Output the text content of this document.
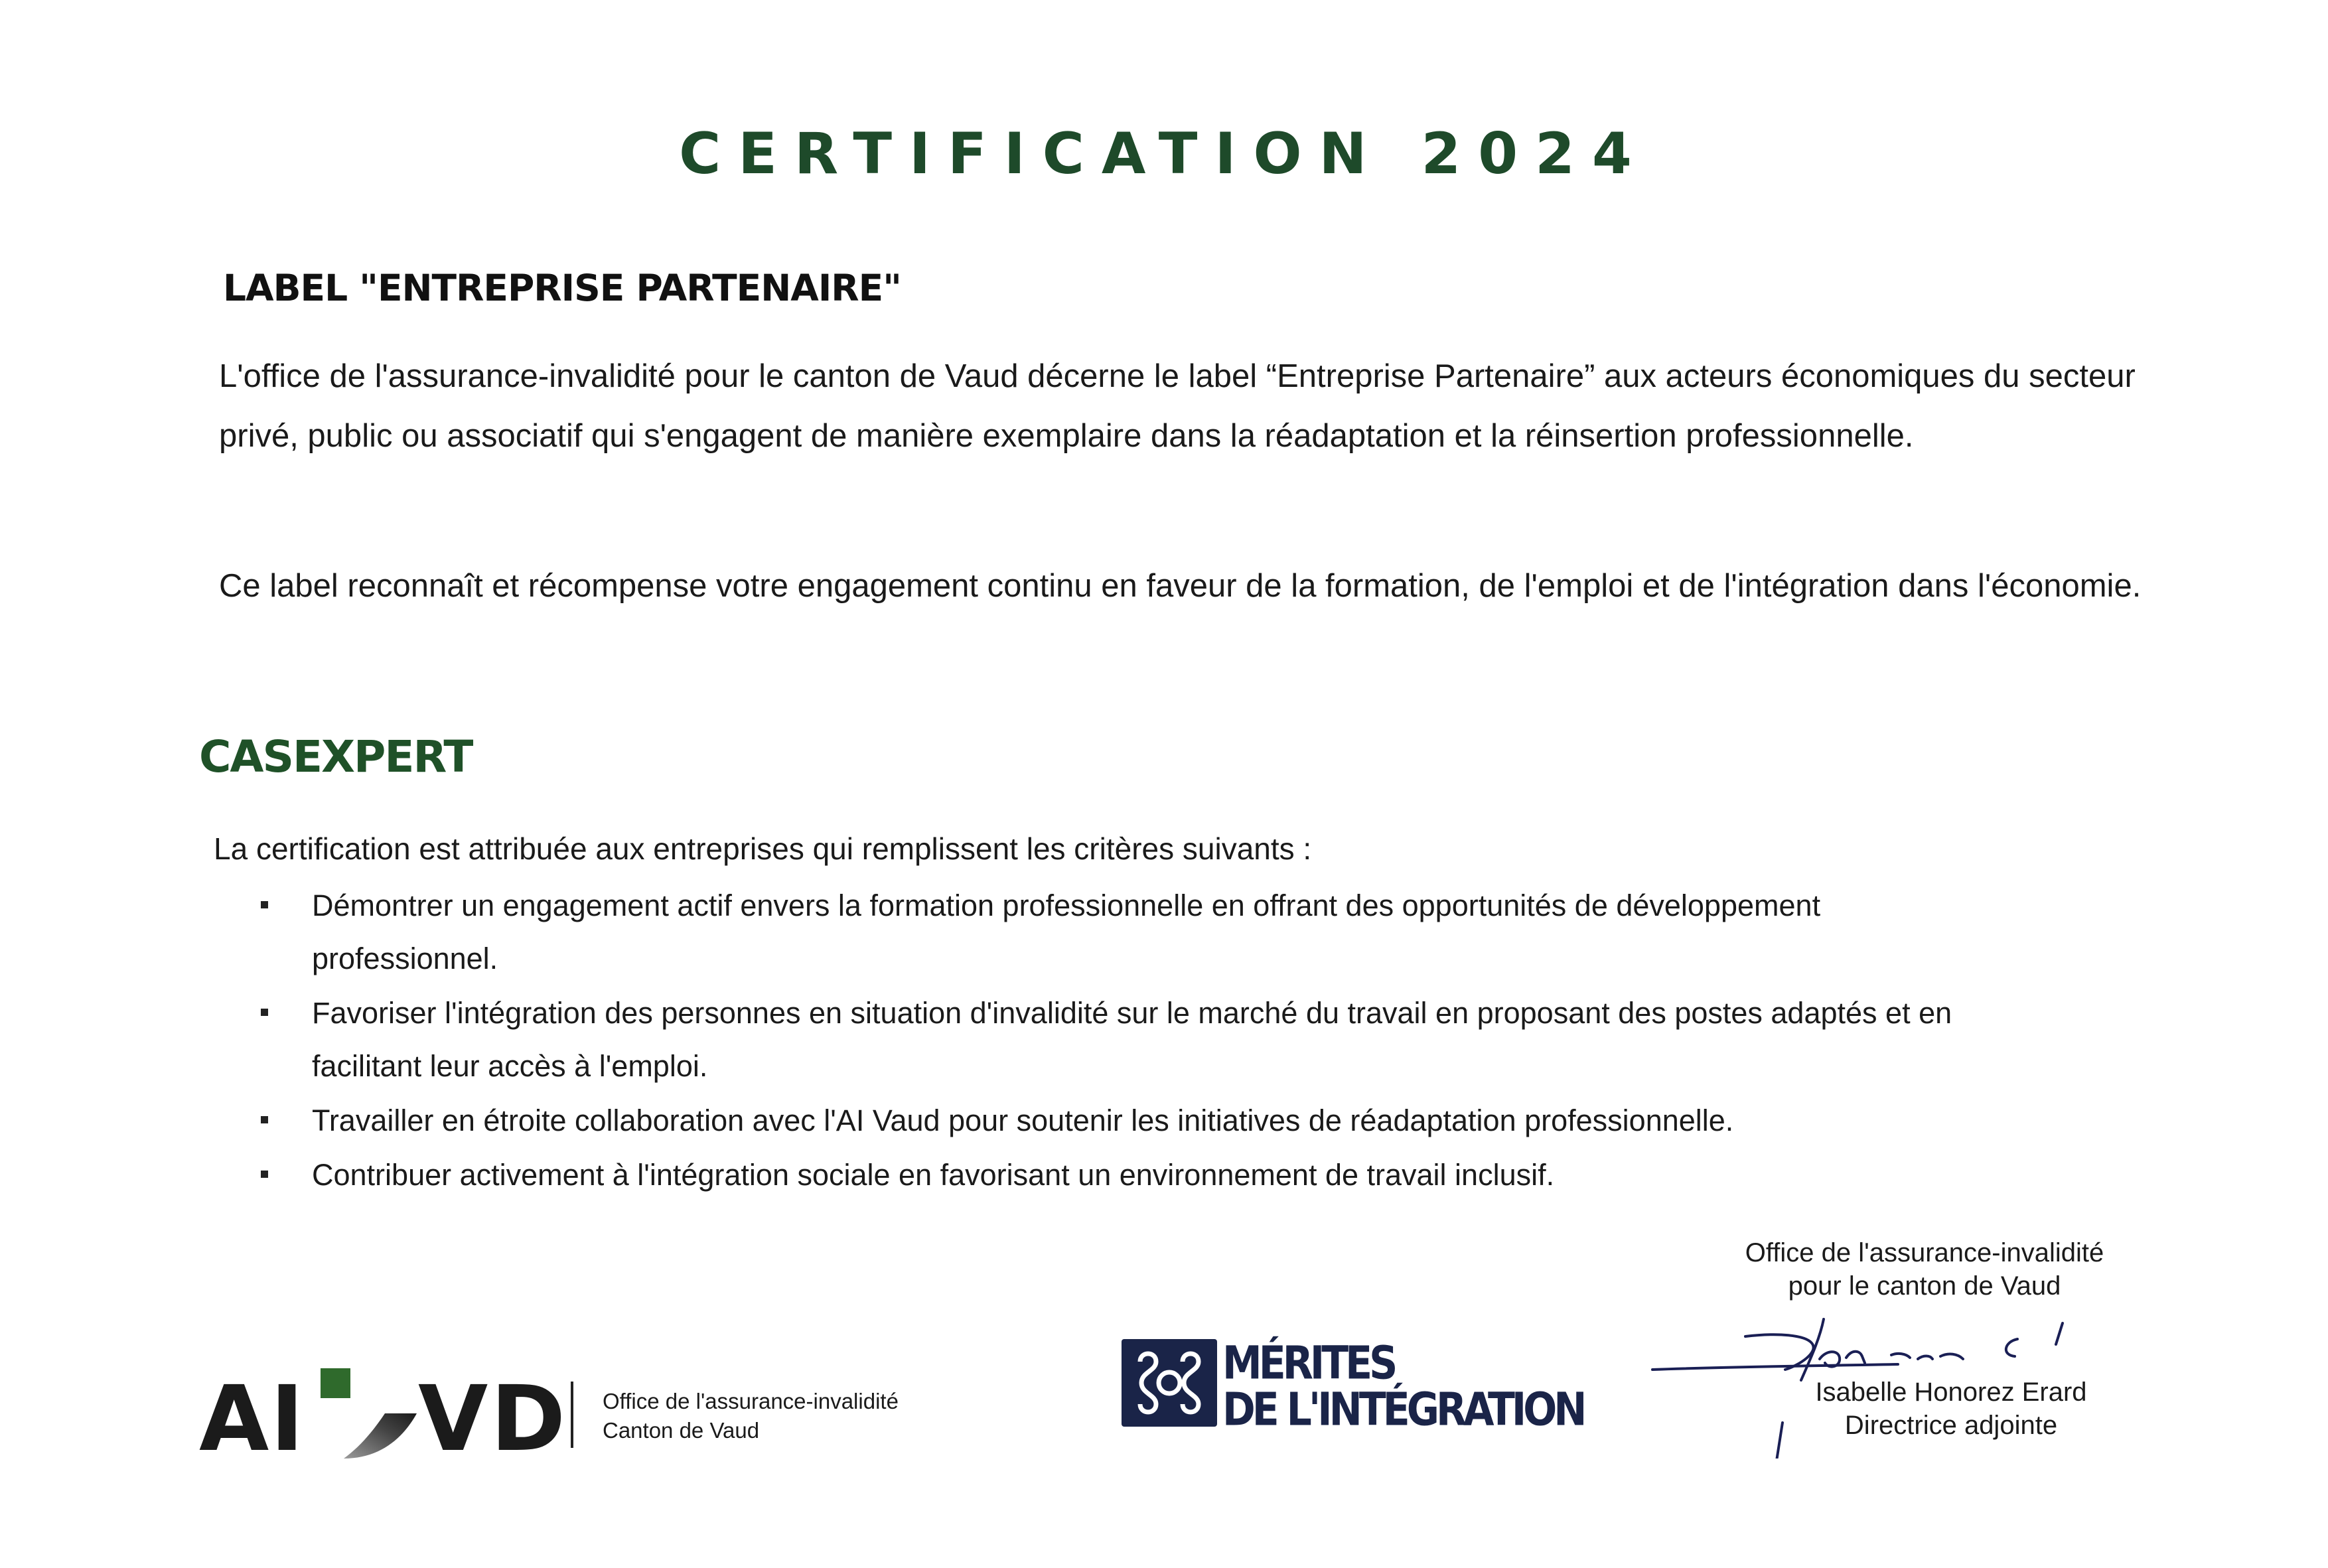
CERTIFICATION 2024
LABEL "ENTREPRISE PARTENAIRE"

L'office de l'assurance-invalidité pour le canton de Vaud décerne le label “Entreprise Partenaire” aux acteurs économiques du secteur privé, public ou associatif qui s'engagent de manière exemplaire dans la réadaptation et la réinsertion professionnelle.

Ce label reconnaît et récompense votre engagement continu en faveur de la formation, de l'emploi et de l'intégration dans l'économie.

CASEXPERT
La certification est attribuée aux entreprises qui remplissent les critères suivants :
Démontrer un engagement actif envers la formation professionnelle en offrant des opportunités de développement professionnel.
Favoriser l'intégration des personnes en situation d'invalidité sur le marché du travail en proposant des postes adaptés et en facilitant leur accès à l'emploi.
Travailler en étroite collaboration avec l'AI Vaud pour soutenir les initiatives de réadaptation professionnelle.
Contribuer activement à l'intégration sociale en favorisant un environnement de travail inclusif.
AI VD Office de l'assurance-invalidité
Canton de Vaud
MÉRITES
DE L'INTÉGRATION
Office de l'assurance-invalidité
pour le canton de Vaud
Isabelle Honorez Erard
Directrice adjointe
